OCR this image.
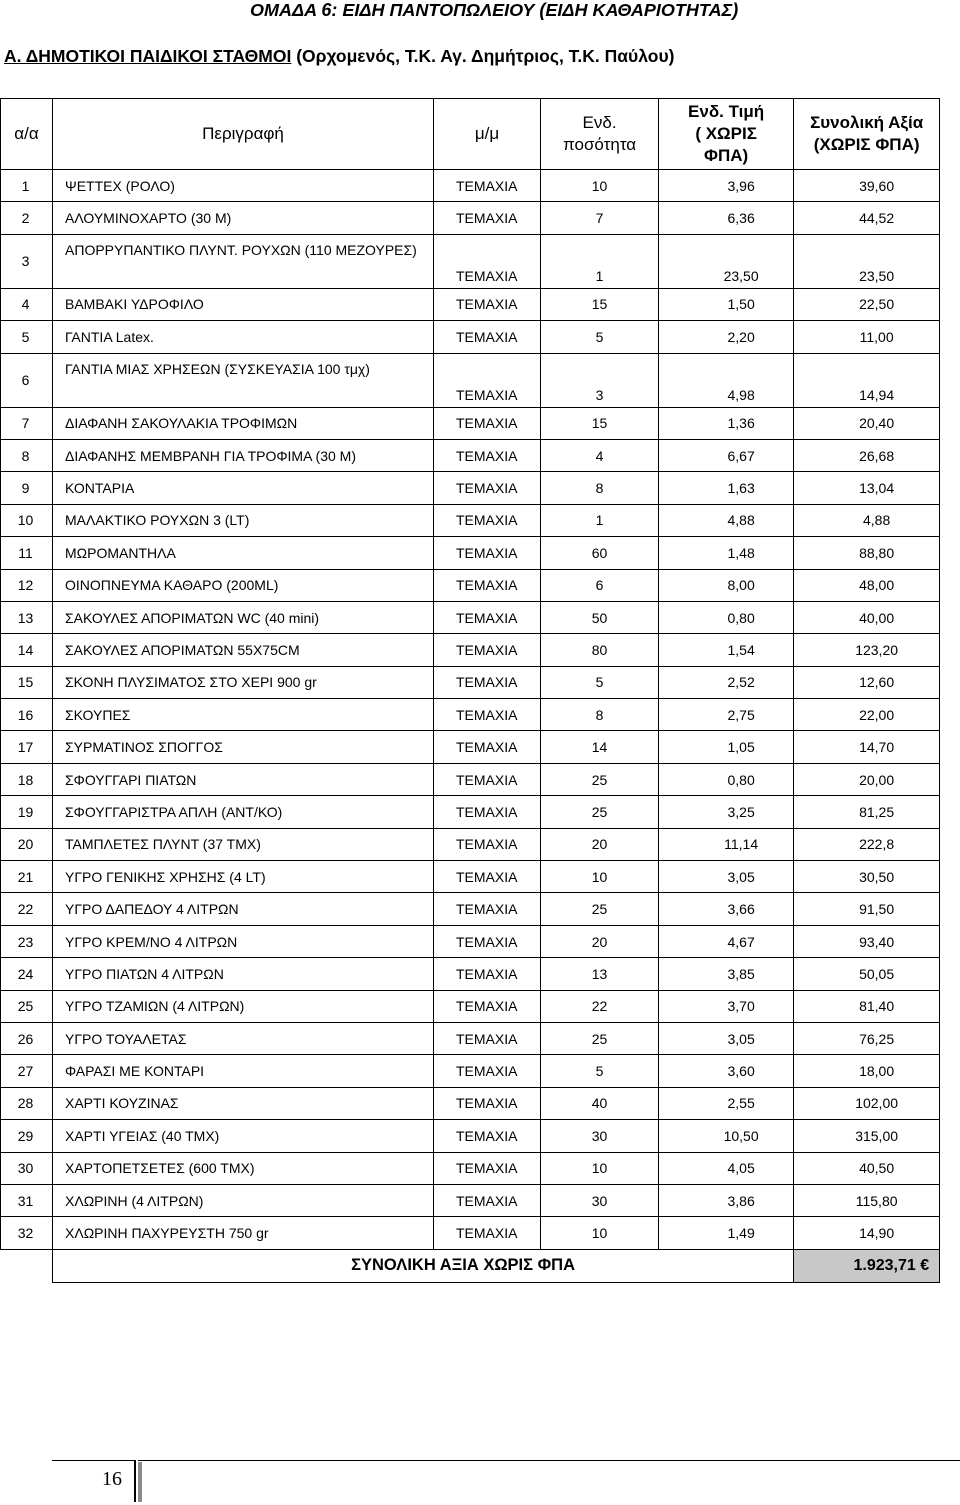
ΟΜΑΔΑ 6: ΕΙΔΗ ΠΑΝΤΟΠΩΛΕΙΟΥ (ΕΙΔΗ ΚΑΘΑΡΙΟΤΗΤΑΣ)
Α. ΔΗΜΟΤΙΚΟΙ ΠΑΙΔΙΚΟΙ ΣΤΑΘΜΟΙ (Ορχομενός, Τ.Κ. Αγ. Δημήτριος, Τ.Κ. Παύλου)
α/α	Περιγραφή	μ/μ	Ενδ. ποσότητα	Ενδ. Τιμή ( ΧΩΡΙΣ ΦΠΑ)	Συνολική Αξία (ΧΩΡΙΣ ΦΠΑ)
1	ΨΕΤΤΕΧ (ΡΟΛΟ)	ΤΕΜΑΧΙΑ	10	3,96	39,60
2	ΑΛΟΥΜΙΝΟΧΑΡΤΟ (30 Μ)	ΤΕΜΑΧΙΑ	7	6,36	44,52
3	ΑΠΟΡΡΥΠΑΝΤΙΚΟ ΠΛΥΝΤ. ΡΟΥΧΩΝ (110 ΜΕΖΟΥΡΕΣ)	ΤΕΜΑΧΙΑ	1	23,50	23,50
4	ΒΑΜΒΑΚΙ ΥΔΡΟΦΙΛΟ	ΤΕΜΑΧΙΑ	15	1,50	22,50
5	ΓΑΝΤΙΑ Latex.	ΤΕΜΑΧΙΑ	5	2,20	11,00
6	ΓΑΝΤΙΑ ΜΙΑΣ ΧΡΗΣΕΩΝ (ΣΥΣΚΕΥΑΣΙΑ 100 τμχ)	ΤΕΜΑΧΙΑ	3	4,98	14,94
7	ΔΙΑΦΑΝΗ ΣΑΚΟΥΛΑΚΙΑ ΤΡΟΦΙΜΩΝ	ΤΕΜΑΧΙΑ	15	1,36	20,40
8	ΔΙΑΦΑΝΗΣ ΜΕΜΒΡΑΝΗ ΓΙΑ ΤΡΟΦΙΜΑ (30 Μ)	ΤΕΜΑΧΙΑ	4	6,67	26,68
9	ΚΟΝΤΑΡΙΑ	ΤΕΜΑΧΙΑ	8	1,63	13,04
10	ΜΑΛΑΚΤΙΚΟ ΡΟΥΧΩΝ 3 (LT)	ΤΕΜΑΧΙΑ	1	4,88	4,88
11	ΜΩΡΟΜΑΝΤΗΛΑ	ΤΕΜΑΧΙΑ	60	1,48	88,80
12	ΟΙΝΟΠΝΕΥΜΑ ΚΑΘΑΡΟ (200ML)	ΤΕΜΑΧΙΑ	6	8,00	48,00
13	ΣΑΚΟΥΛΕΣ ΑΠΟΡΙΜΑΤΩΝ WC (40 mini)	ΤΕΜΑΧΙΑ	50	0,80	40,00
14	ΣΑΚΟΥΛΕΣ ΑΠΟΡΙΜΑΤΩΝ 55Χ75CM	ΤΕΜΑΧΙΑ	80	1,54	123,20
15	ΣΚΟΝΗ ΠΛΥΣΙΜΑΤΟΣ ΣΤΟ ΧΕΡΙ 900 gr	ΤΕΜΑΧΙΑ	5	2,52	12,60
16	ΣΚΟΥΠΕΣ	ΤΕΜΑΧΙΑ	8	2,75	22,00
17	ΣΥΡΜΑΤΙΝΟΣ ΣΠΟΓΓΟΣ	ΤΕΜΑΧΙΑ	14	1,05	14,70
18	ΣΦΟΥΓΓΑΡΙ ΠΙΑΤΩΝ	ΤΕΜΑΧΙΑ	25	0,80	20,00
19	ΣΦΟΥΓΓΑΡΙΣΤΡΑ ΑΠΛΗ (ΑΝΤ/ΚΟ)	ΤΕΜΑΧΙΑ	25	3,25	81,25
20	ΤΑΜΠΛΕΤΕΣ ΠΛΥΝΤ (37 ΤΜΧ)	ΤΕΜΑΧΙΑ	20	11,14	222,8
21	ΥΓΡΟ ΓΕΝΙΚΗΣ ΧΡΗΣΗΣ (4 LT)	ΤΕΜΑΧΙΑ	10	3,05	30,50
22	ΥΓΡΟ ΔΑΠΕΔΟΥ 4 ΛΙΤΡΩΝ	ΤΕΜΑΧΙΑ	25	3,66	91,50
23	ΥΓΡΟ ΚΡΕΜ/ΝΟ 4 ΛΙΤΡΩΝ	ΤΕΜΑΧΙΑ	20	4,67	93,40
24	ΥΓΡΟ ΠΙΑΤΩΝ 4 ΛΙΤΡΩΝ	ΤΕΜΑΧΙΑ	13	3,85	50,05
25	ΥΓΡΟ ΤΖΑΜΙΩΝ (4 ΛΙΤΡΩΝ)	ΤΕΜΑΧΙΑ	22	3,70	81,40
26	ΥΓΡΟ ΤΟΥΑΛΕΤΑΣ	ΤΕΜΑΧΙΑ	25	3,05	76,25
27	ΦΑΡΑΣΙ ΜΕ ΚΟΝΤΑΡΙ	ΤΕΜΑΧΙΑ	5	3,60	18,00
28	ΧΑΡΤΙ ΚΟΥΖΙΝΑΣ	ΤΕΜΑΧΙΑ	40	2,55	102,00
29	ΧΑΡΤΙ ΥΓΕΙΑΣ (40 ΤΜΧ)	ΤΕΜΑΧΙΑ	30	10,50	315,00
30	ΧΑΡΤΟΠΕΤΣΕΤΕΣ (600 ΤΜΧ)	ΤΕΜΑΧΙΑ	10	4,05	40,50
31	ΧΛΩΡΙΝΗ (4 ΛΙΤΡΩΝ)	ΤΕΜΑΧΙΑ	30	3,86	115,80
32	ΧΛΩΡΙΝΗ ΠΑΧΥΡΕΥΣΤΗ 750 gr	ΤΕΜΑΧΙΑ	10	1,49	14,90
	ΣΥΝΟΛΙΚΗ ΑΞΙΑ ΧΩΡΙΣ ΦΠΑ				1.923,71 €
16
